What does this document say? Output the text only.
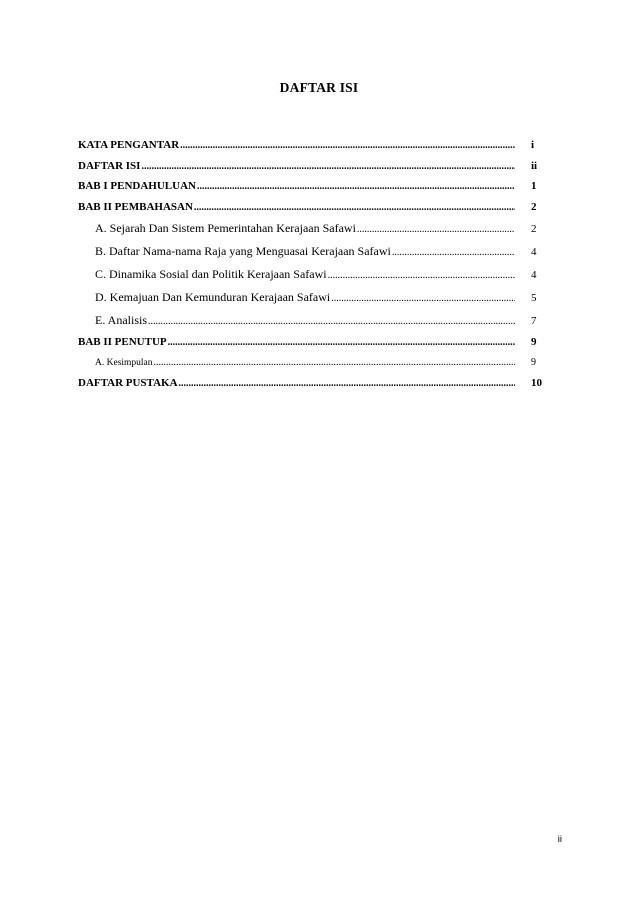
DAFTAR ISI
KATA PENGANTAR .....	i
DAFTAR ISI .....	ii
BAB I PENDAHULUAN .....	1
BAB II PEMBAHASAN .....	2
A. Sejarah Dan Sistem Pemerintahan Kerajaan Safawi .....	2
B. Daftar Nama-nama Raja yang Menguasai Kerajaan Safawi .....	4
C. Dinamika Sosial dan Politik Kerajaan Safawi .....	4
D. Kemajuan Dan Kemunduran Kerajaan Safawi .....	5
E. Analisis .....	7
BAB II PENUTUP .....	9
A. Kesimpulan .....	9
DAFTAR PUSTAKA .....	10
ii
